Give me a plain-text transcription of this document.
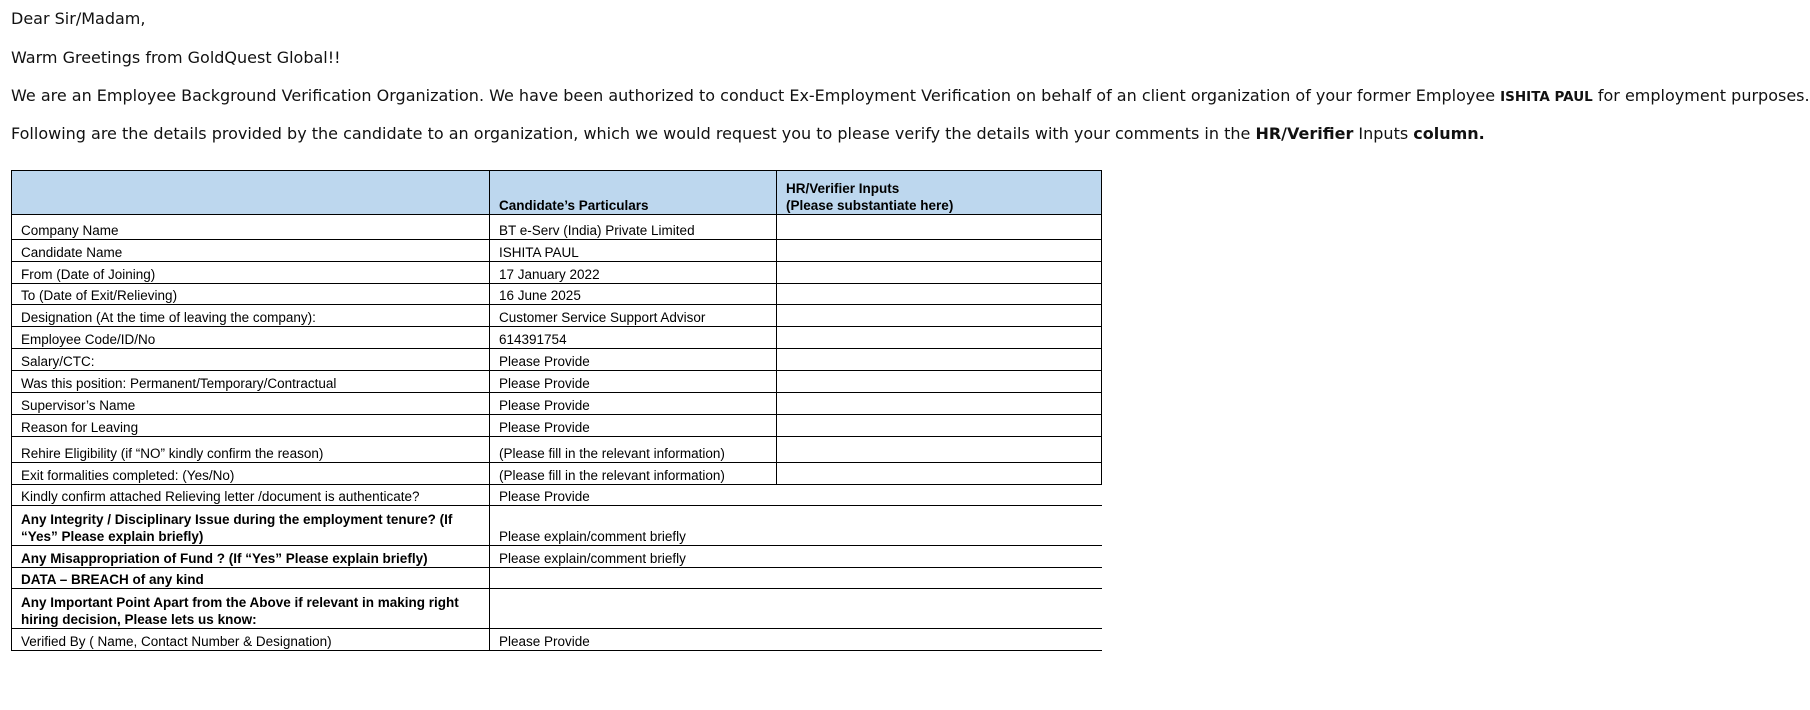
Dear Sir/Madam,

Warm Greetings from GoldQuest Global!!

We are an Employee Background Verification Organization. We have been authorized to conduct Ex-Employment Verification on behalf of an client organization of your former Employee ISHITA PAUL for employment purposes.

Following are the details provided by the candidate to an organization, which we would request you to please verify the details with your comments in the HR/Verifier Inputs column.

	Candidate’s Particulars	HR/Verifier Inputs
(Please substantiate here)

Company Name	BT e-Serv (India) Private Limited	
Candidate Name	ISHITA PAUL	
From (Date of Joining)	17 January 2022	
To (Date of Exit/Relieving)	16 June 2025	
Designation (At the time of leaving the company):	Customer Service Support Advisor	
Employee Code/ID/No	614391754	
Salary/CTC:	Please Provide	
Was this position: Permanent/Temporary/Contractual	Please Provide	
Supervisor’s Name	Please Provide	
Reason for Leaving	Please Provide	
Rehire Eligibility (if “NO” kindly confirm the reason)	(Please fill in the relevant information)	
Exit formalities completed: (Yes/No)	(Please fill in the relevant information)	
Kindly confirm attached Relieving letter /document is authenticate?	Please Provide	
Any Integrity / Disciplinary Issue during the employment tenure? (If “Yes” Please explain briefly)	Please explain/comment briefly	
Any Misappropriation of Fund ? (If “Yes” Please explain briefly)	Please explain/comment briefly	
DATA – BREACH of any kind		
Any Important Point Apart from the Above if relevant in making right hiring decision, Please lets us know:		
Verified By ( Name, Contact Number & Designation)	Please Provide	
